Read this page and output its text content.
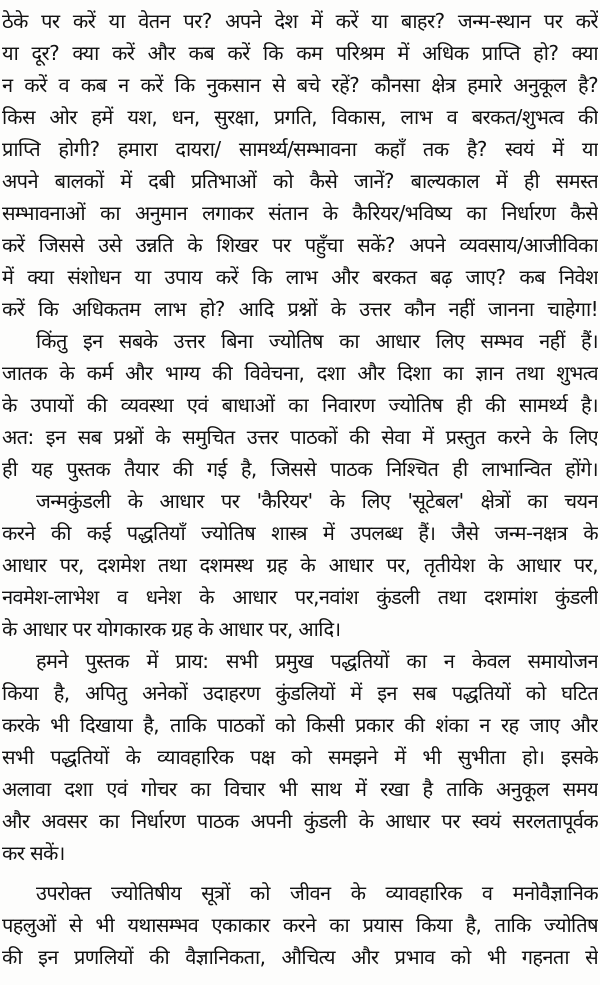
ठेके पर करें या वेतन पर? अपने देश में करें या बाहर? जन्म-स्थान पर करें
या दूर? क्या करें और कब करें कि कम परिश्रम में अधिक प्राप्ति हो? क्या
न करें व कब न करें कि नुकसान से बचे रहें? कौनसा क्षेत्र हमारे अनुकूल है?
किस ओर हमें यश, धन, सुरक्षा, प्रगति, विकास, लाभ व बरकत/शुभत्व की
प्राप्ति होगी? हमारा दायरा/ सामर्थ्य/सम्भावना कहाँ तक है? स्वयं में या
अपने बालकों में दबी प्रतिभाओं को कैसे जानें? बाल्यकाल में ही समस्त
सम्भावनाओं का अनुमान लगाकर संतान के कैरियर/भविष्य का निर्धारण कैसे
करें जिससे उसे उन्नति के शिखर पर पहुँचा सकें? अपने व्यवसाय/आजीविका
में क्या संशोधन या उपाय करें कि लाभ और बरकत बढ़ जाए? कब निवेश
करें कि अधिकतम लाभ हो? आदि प्रश्नों के उत्तर कौन नहीं जानना चाहेगा!
किंतु इन सबके उत्तर बिना ज्योतिष का आधार लिए सम्भव नहीं हैं।
जातक के कर्म और भाग्य की विवेचना, दशा और दिशा का ज्ञान तथा शुभत्व
के उपायों की व्यवस्था एवं बाधाओं का निवारण ज्योतिष ही की सामर्थ्य है।
अत: इन सब प्रश्नों के समुचित उत्तर पाठकों की सेवा में प्रस्तुत करने के लिए
ही यह पुस्तक तैयार की गई है, जिससे पाठक निश्चित ही लाभान्वित होंगे।
जन्मकुंडली के आधार पर 'कैरियर' के लिए 'सूटेबल' क्षेत्रों का चयन
करने की कई पद्धतियाँ ज्योतिष शास्त्र में उपलब्ध हैं। जैसे जन्म-नक्षत्र के
आधार पर, दशमेश तथा दशमस्थ ग्रह के आधार पर, तृतीयेश के आधार पर,
नवमेश-लाभेश व धनेश के आधार पर,नवांश कुंडली तथा दशमांश कुंडली
के आधार पर योगकारक ग्रह के आधार पर, आदि।
हमने पुस्तक में प्राय: सभी प्रमुख पद्धतियों का न केवल समायोजन
किया है, अपितु अनेकों उदाहरण कुंडलियों में इन सब पद्धतियों को घटित
करके भी दिखाया है, ताकि पाठकों को किसी प्रकार की शंका न रह जाए और
सभी पद्धतियों के व्यावहारिक पक्ष को समझने में भी सुभीता हो। इसके
अलावा दशा एवं गोचर का विचार भी साथ में रखा है ताकि अनुकूल समय
और अवसर का निर्धारण पाठक अपनी कुंडली के आधार पर स्वयं सरलतापूर्वक
कर सकें।
उपरोक्त ज्योतिषीय सूत्रों को जीवन के व्यावहारिक व मनोवैज्ञानिक
पहलुओं से भी यथासम्भव एकाकार करने का प्रयास किया है, ताकि ज्योतिष
की इन प्रणलियों की वैज्ञानिकता, औचित्य और प्रभाव को भी गहनता से
